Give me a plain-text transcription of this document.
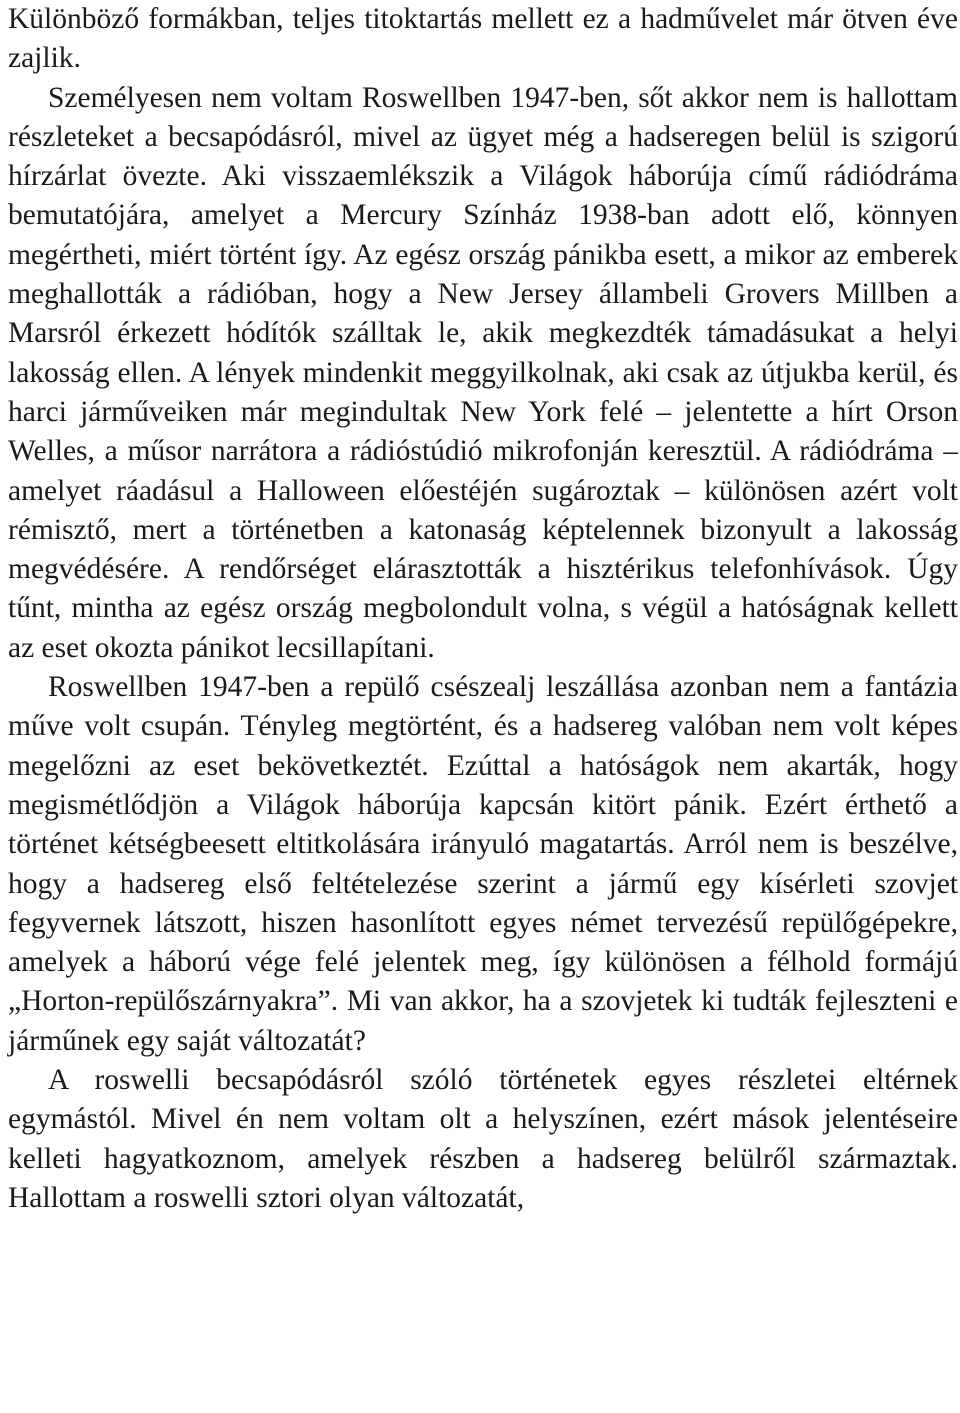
Különböző formákban, teljes titoktartás mellett ez a hadművelet már ötven éve zajlik.

Személyesen nem voltam Roswellben 1947-ben, sőt akkor nem is hallottam részleteket a becsapódásról, mivel az ügyet még a hadseregen belül is szigorú hírzárlat övezte. Aki visszaemlékszik a Világok háborúja című rádiódráma bemutatójára, amelyet a Mercury Színház 1938-ban adott elő, könnyen megértheti, miért történt így. Az egész ország pánikba esett, a mikor az emberek meghallották a rádióban, hogy a New Jersey állambeli Grovers Millben a Marsról érkezett hódítók szálltak le, akik megkezdték támadásukat a helyi lakosság ellen. A lények mindenkit meggyilkolnak, aki csak az útjukba kerül, és harci járműveiken már megindultak New York felé – jelentette a hírt Orson Welles, a műsor narrátora a rádióstúdió mikrofonján keresztül. A rádiódráma – amelyet ráadásul a Halloween előestéjén sugároztak – különösen azért volt rémisztő, mert a történetben a katonaság képtelennek bizonyult a lakosság megvédésére. A rendőrséget elárasztották a hisztérikus telefonhívások. Úgy tűnt, mintha az egész ország megbolondult volna, s végül a hatóságnak kellett az eset okozta pánikot lecsillapítani.

Roswellben 1947-ben a repülő csészealj leszállása azonban nem a fantázia műve volt csupán. Tényleg megtörtént, és a hadsereg valóban nem volt képes megelőzni az eset bekövetkeztét. Ezúttal a hatóságok nem akarták, hogy megismétlődjön a Világok háborúja kapcsán kitört pánik. Ezért érthető a történet kétségbeesett eltitkolására irányuló magatartás. Arról nem is beszélve, hogy a hadsereg első feltételezése szerint a jármű egy kísérleti szovjet fegyvernek látszott, hiszen hasonlított egyes német tervezésű repülőgépekre, amelyek a háború vége felé jelentek meg, így különösen a félhold formájú „Horton-repülőszárnyakra”. Mi van akkor, ha a szovjetek ki tudták fejleszteni e járműnek egy saját változatát?

A roswelli becsapódásról szóló történetek egyes részletei eltérnek egymástól. Mivel én nem voltam olt a helyszínen, ezért mások jelentéseire kelleti hagyatkoznom, amelyek részben a hadsereg belülről származtak. Hallottam a roswelli sztori olyan változatát,
